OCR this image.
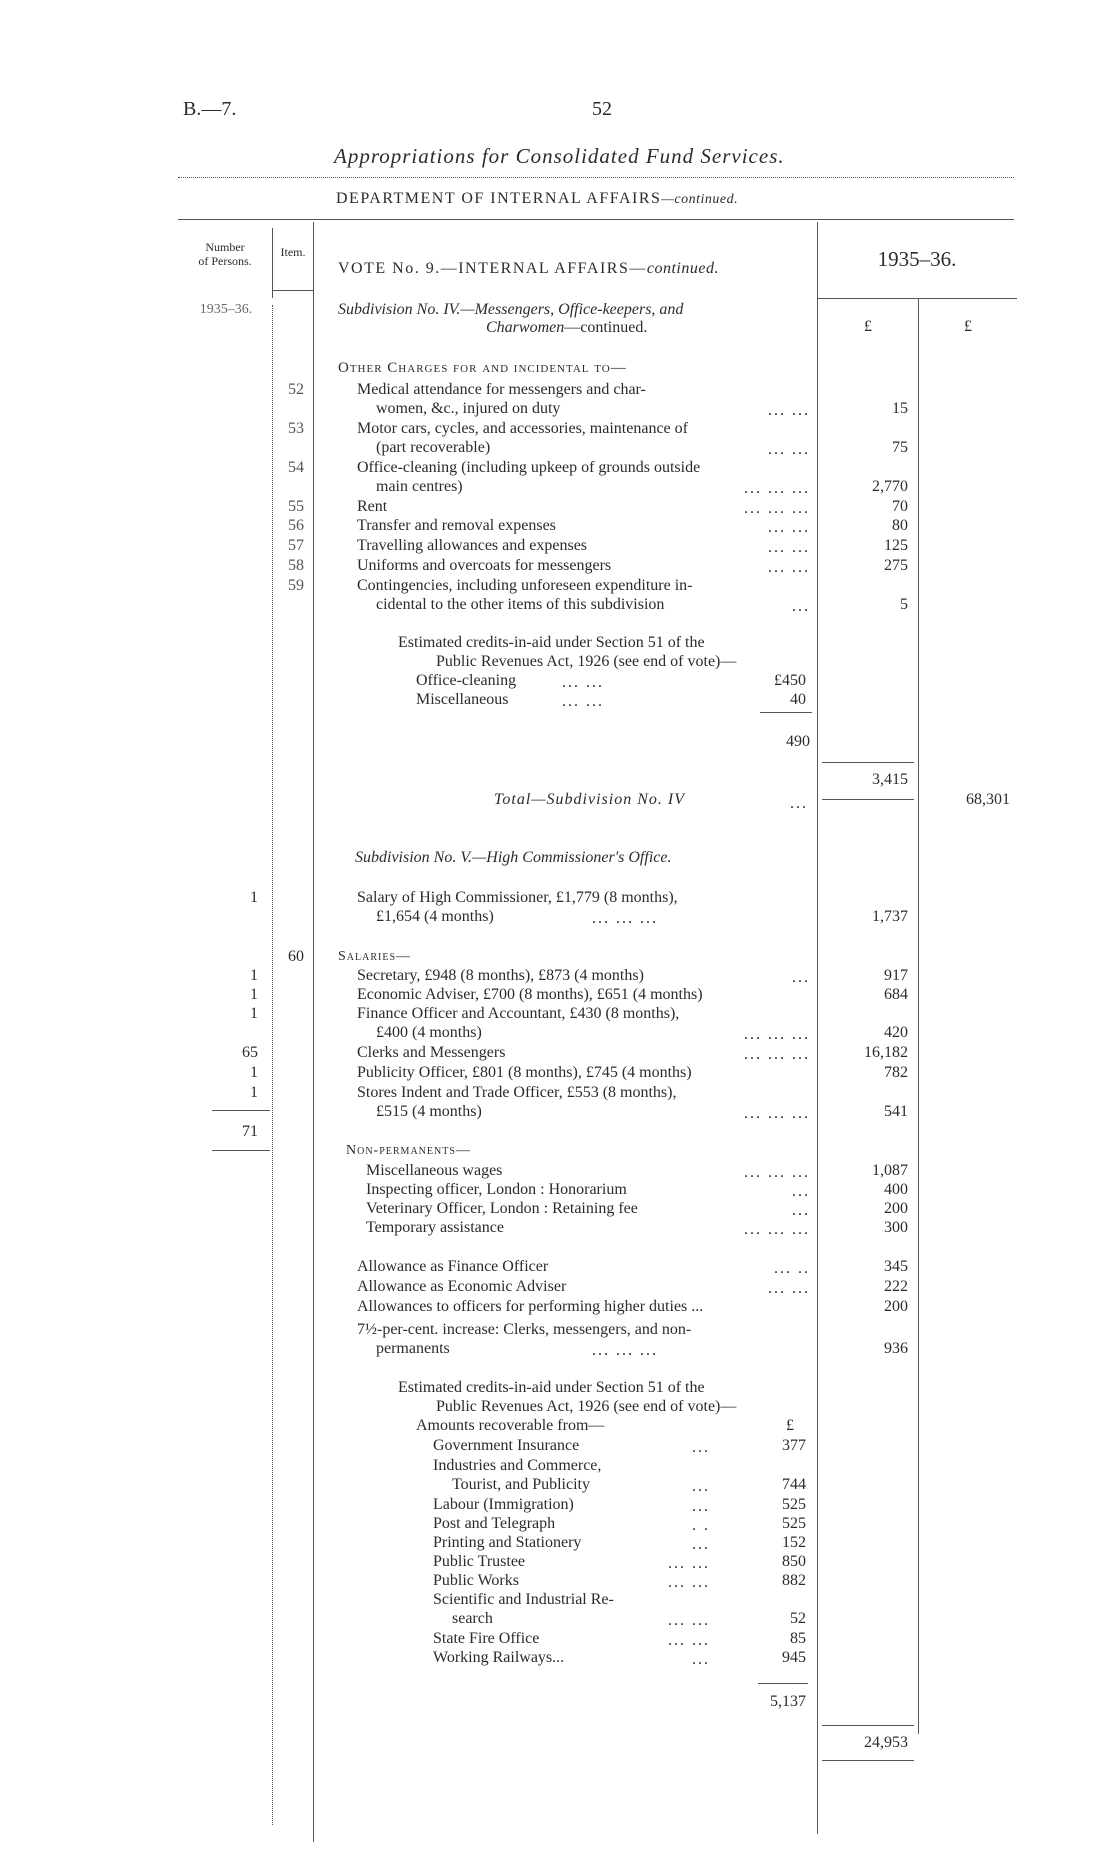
B.—7.	52
Appropriations for Consolidated Fund Services.
DEPARTMENT OF INTERNAL AFFAIRS—continued.
Number
of Persons.
Item.
VOTE No. 9.—INTERNAL AFFAIRS—continued.	1935–36.
1935–36.
£	£
Subdivision No. IV.—Messengers, Office-keepers, and
Charwomen—continued.
Other Charges for and incidental to—
52	Medical attendance for messengers and char-
women, &c., injured on duty	... ...	15
53	Motor cars, cycles, and accessories, maintenance of
(part recoverable)	... ...	75
54	Office-cleaning (including upkeep of grounds outside
main centres)	... ... ...	2,770
55	Rent	... ... ...	70
56	Transfer and removal expenses	... ...	80
57	Travelling allowances and expenses	... ...	125
58	Uniforms and overcoats for messengers	... ...	275
59	Contingencies, including unforeseen expenditure in-
cidental to the other items of this subdivision	...	5
Estimated credits-in-aid under Section 51 of the
Public Revenues Act, 1926 (see end of vote)—
Office-cleaning	... ...	£450
Miscellaneous	... ...	40
490
3,415
Total—Subdivision No. IV	...	68,301
Subdivision No. V.—High Commissioner's Office.
1	Salary of High Commissioner, £1,779 (8 months),
£1,654 (4 months)	... ... ...	1,737
60 Salaries—
1	Secretary, £948 (8 months), £873 (4 months)	...	917
1	Economic Adviser, £700 (8 months), £651 (4 months)	684
1	Finance Officer and Accountant, £430 (8 months),
£400 (4 months)	... ... ...	420
65	Clerks and Messengers	... ... ...	16,182
1	Publicity Officer, £801 (8 months), £745 (4 months)	782
1	Stores Indent and Trade Officer, £553 (8 months),
£515 (4 months)	... ... ...	541
71
Non-permanents—
Miscellaneous wages	... ... ...	1,087
Inspecting officer, London : Honorarium	...	400
Veterinary Officer, London : Retaining fee	...	200
Temporary assistance	... ... ...	300
Allowance as Finance Officer	... ..	345
Allowance as Economic Adviser	... ...	222
Allowances to officers for performing higher duties ...	200
7½-per-cent. increase: Clerks, messengers, and non-
permanents	... ... ...	936
Estimated credits-in-aid under Section 51 of the
Public Revenues Act, 1926 (see end of vote)—
Amounts recoverable from—	£
Government Insurance	...	377
Industries and Commerce,
Tourist, and Publicity	...	744
Labour (Immigration)	...	525
Post and Telegraph	. .	525
Printing and Stationery	...	152
Public Trustee	... ...	850
Public Works	... ...	882
Scientific and Industrial Re-
search	... ...	52
State Fire Office	... ...	85
Working Railways...	...	945
5,137
24,953
